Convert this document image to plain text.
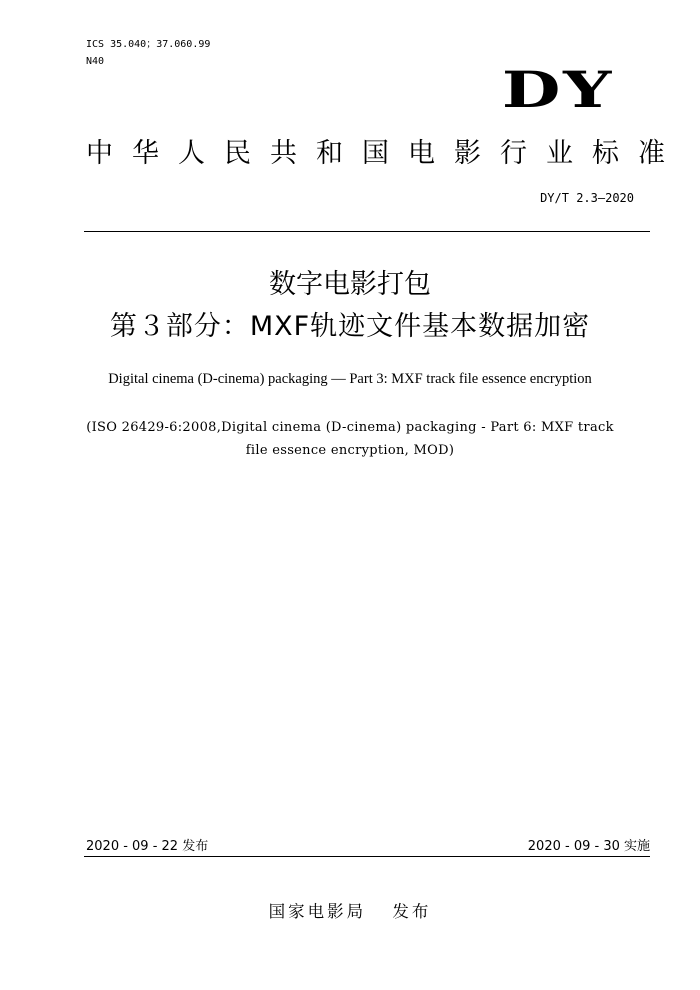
ICS 35.040；37.060.99
N40	DY
中华人民共和国电影行业标准
DY/T 2.3—2020
数字电影打包
第３部分：MXF轨迹文件基本数据加密
Digital cinema (D-cinema) packaging — Part 3: MXF track file essence encryption
(ISO 26429-6:2008,Digital cinema (D-cinema) packaging - Part 6: MXF track
file essence encryption, MOD)
2020 - 09 - 22 发布	2020 - 09 - 30 实施
国家电影局 发布
